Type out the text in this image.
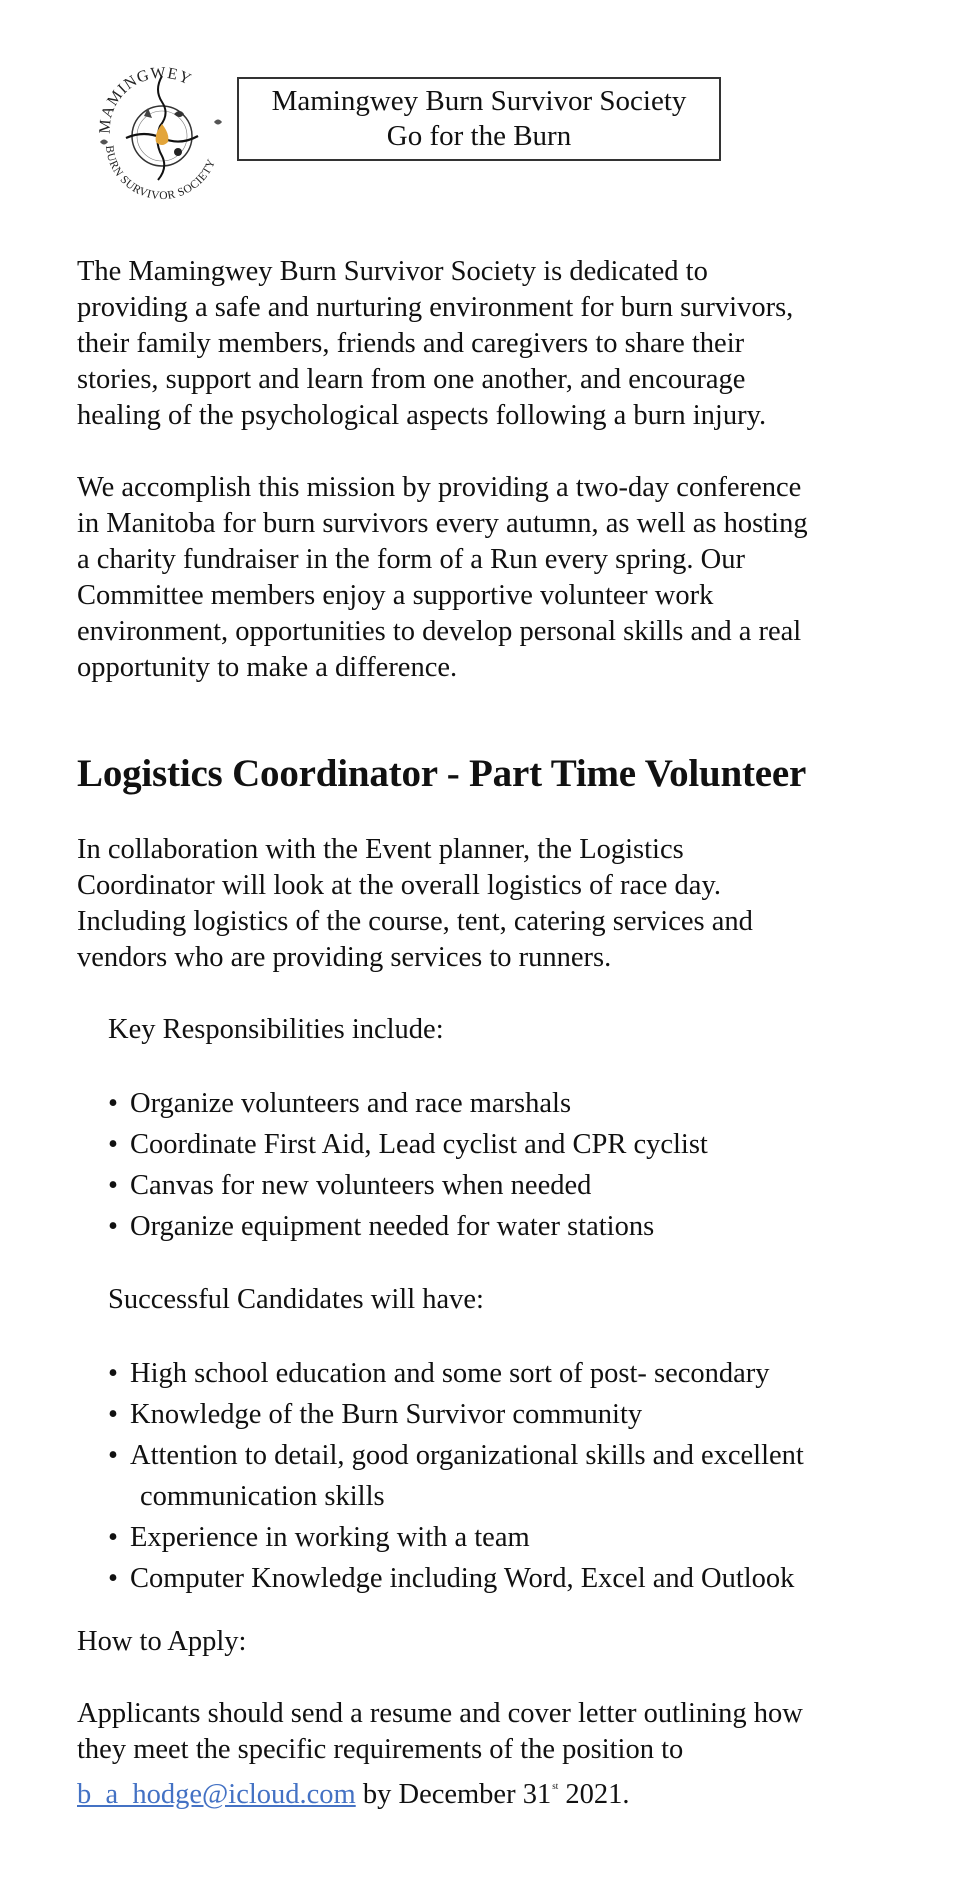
MAMINGWEY
BURN SURVIVOR SOCIETY
Mamingwey Burn Survivor Society
Go for the Burn

The Mamingwey Burn Survivor Society is dedicated to
providing a safe and nurturing environment for burn survivors,
their family members, friends and caregivers to share their
stories, support and learn from one another, and encourage
healing of the psychological aspects following a burn injury.

We accomplish this mission by providing a two-day conference
in Manitoba for burn survivors every autumn, as well as hosting
a charity fundraiser in the form of a Run every spring. Our
Committee members enjoy a supportive volunteer work
environment, opportunities to develop personal skills and a real
opportunity to make a difference.

Logistics Coordinator - Part Time Volunteer

In collaboration with the Event planner, the Logistics
Coordinator will look at the overall logistics of race day.
Including logistics of the course, tent, catering services and
vendors who are providing services to runners.

Key Responsibilities include:
• Organize volunteers and race marshals
• Coordinate First Aid, Lead cyclist and CPR cyclist
• Canvas for new volunteers when needed
• Organize equipment needed for water stations
Successful Candidates will have:
• High school education and some sort of post- secondary
• Knowledge of the Burn Survivor community
• Attention to detail, good organizational skills and excellent
communication skills
• Experience in working with a team
• Computer Knowledge including Word, Excel and Outlook
How to Apply:

Applicants should send a resume and cover letter outlining how
they meet the specific requirements of the position to
b_a_hodge@icloud.com by December 31st 2021.
